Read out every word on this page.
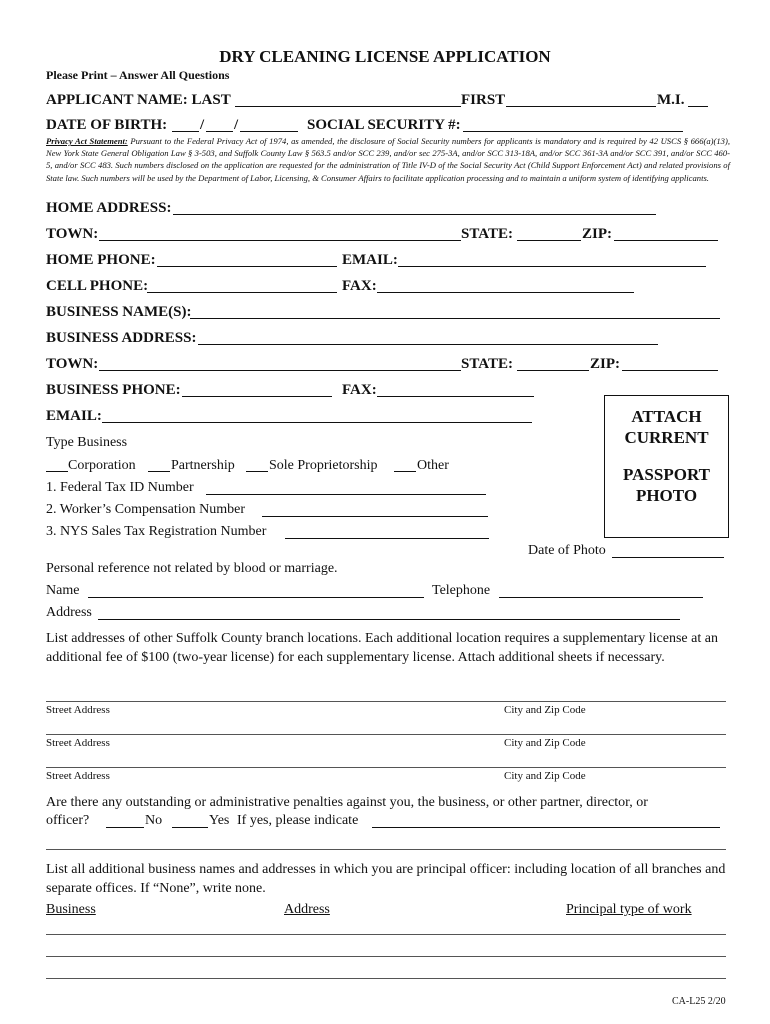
DRY CLEANING LICENSE APPLICATION
Please Print – Answer All Questions
APPLICANT NAME: LAST	FIRST	M.I.
DATE OF BIRTH: / /	SOCIAL SECURITY #:
Privacy Act Statement: Pursuant to the Federal Privacy Act of 1974, as amended, the disclosure of Social Security numbers for applicants is mandatory and is required by 42 USCS § 666(a)(13), New York State General Obligation Law § 3-503, and Suffolk County Law § 563.5 and/or SCC 239, and/or sec 275-3A, and/or SCC 313-18A, and/or SCC 361-3A and/or SCC 391, and/or SCC 460-5, and/or SCC 483. Such numbers disclosed on the application are requested for the administration of Title IV-D of the Social Security Act (Child Support Enforcement Act) and related provisions of State law. Such numbers will be used by the Department of Labor, Licensing, & Consumer Affairs to facilitate application processing and to maintain a uniform system of identifying applicants.
HOME ADDRESS:
TOWN:	STATE:	ZIP:
HOME PHONE:	EMAIL:
CELL PHONE:	FAX:
BUSINESS NAME(S):
BUSINESS ADDRESS:
TOWN:	STATE:	ZIP:
BUSINESS PHONE:	FAX:
EMAIL:	ATTACH
CURRENT
PASSPORT
PHOTO
Type Business
Corporation	Partnership Sole Proprietorship	Other
1. Federal Tax ID Number
2. Worker’s Compensation Number
3. NYS Sales Tax Registration Number
Date of Photo
Personal reference not related by blood or marriage.
Name	Telephone
Address
List addresses of other Suffolk County branch locations. Each additional location requires a supplementary license at an additional fee of $100 (two-year license) for each supplementary license. Attach additional sheets if necessary.
Street Address	City and Zip Code
Street Address	City and Zip Code
Street Address	City and Zip Code
Are there any outstanding or administrative penalties against you, the business, or other partner, director, or
officer?	No	Yes If yes, please indicate
List all additional business names and addresses in which you are principal officer: including location of all branches and separate offices. If “None”, write none.
Business	Address	Principal type of work
CA-L25 2/20
